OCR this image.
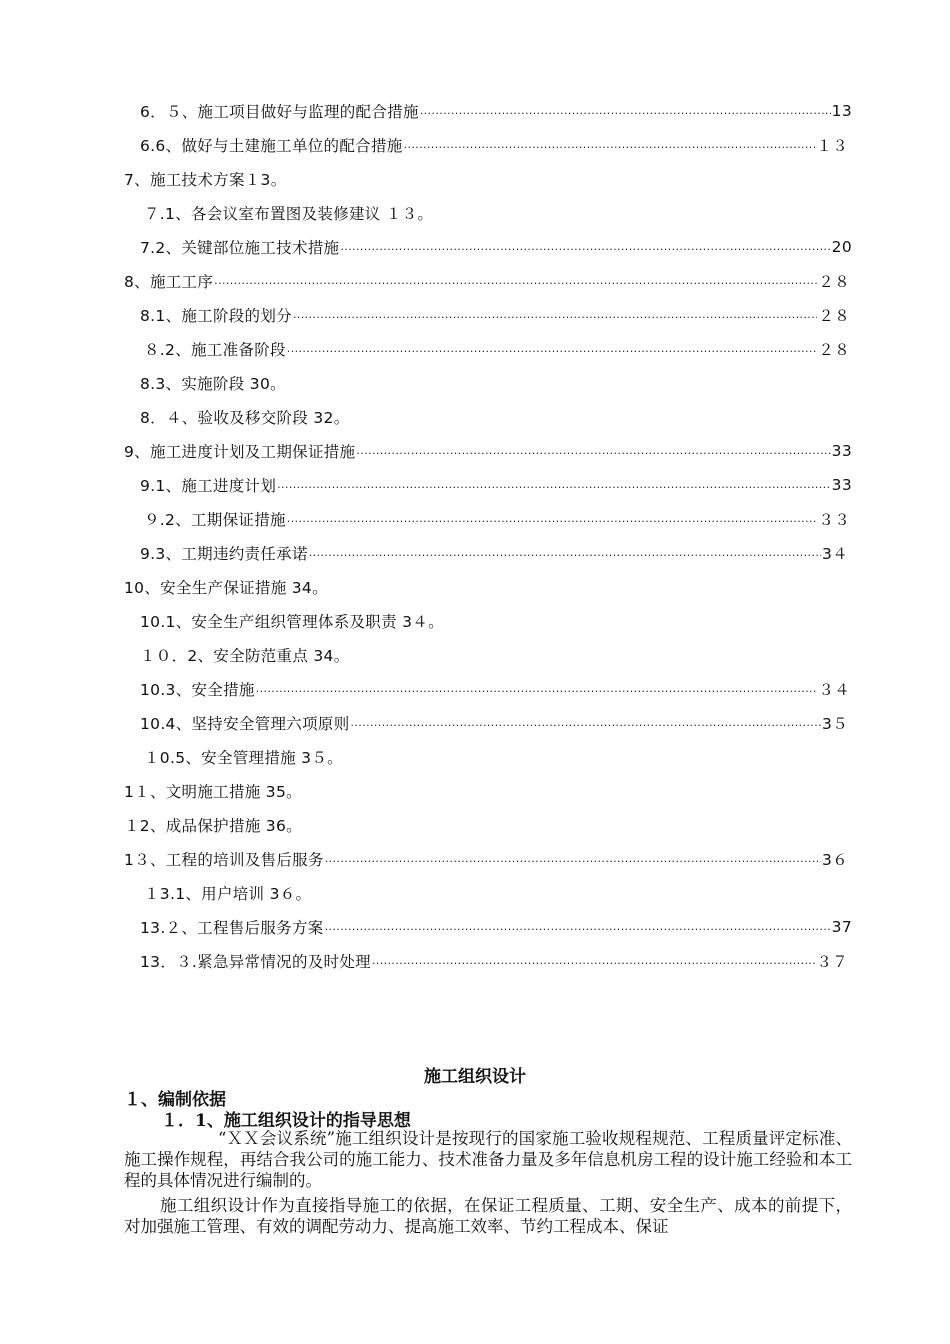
6．５、施工项目做好与监理的配合措施 .....	13
6.6、做好与土建施工单位的配合措施 .....	１３
7、施工技术方案１3。
７.1、各会议室布置图及装修建议 １３。
7.2、关键部位施工技术措施 .....	20
8、施工工序 .....	２８
8.1、施工阶段的划分 .....	２８
８.2、施工准备阶段 .....	２８
8.3、实施阶段 30。
8．４、验收及移交阶段 32。
9、施工进度计划及工期保证措施 .....	33
9.1、施工进度计划 .....	33
９.2、工期保证措施 .....	３３
9.3、工期违约责任承诺 .....	3４
10、安全生产保证措施 34。
10.1、安全生产组织管理体系及职责 3４。
１０．2、安全防范重点 34。
10.3、安全措施 .....	３４
10.4、坚持安全管理六项原则 .....	3５
１0.5、安全管理措施 3５。
1１、文明施工措施 35。
１2、成品保护措施 36。
1３、工程的培训及售后服务 .....	3６
１3.1、用户培训 3６。
13.２、工程售后服务方案 .....	37
13．３.紧急异常情况的及时处理 .....	３７
施工组织设计
１、编制依据
１．1、施工组织设计的指导思想

“ＸＸ会议系统”施工组织设计是按现行的国家施工验收规程规范、工程质量评定标准、施工操作规程，再结合我公司的施工能力、技术准备力量及多年信息机房工程的设计施工经验和本工程的具体情况进行编制的。

施工组织设计作为直接指导施工的依据，在保证工程质量、工期、安全生产、成本的前提下，对加强施工管理、有效的调配劳动力、提高施工效率、节约工程成本、保证
